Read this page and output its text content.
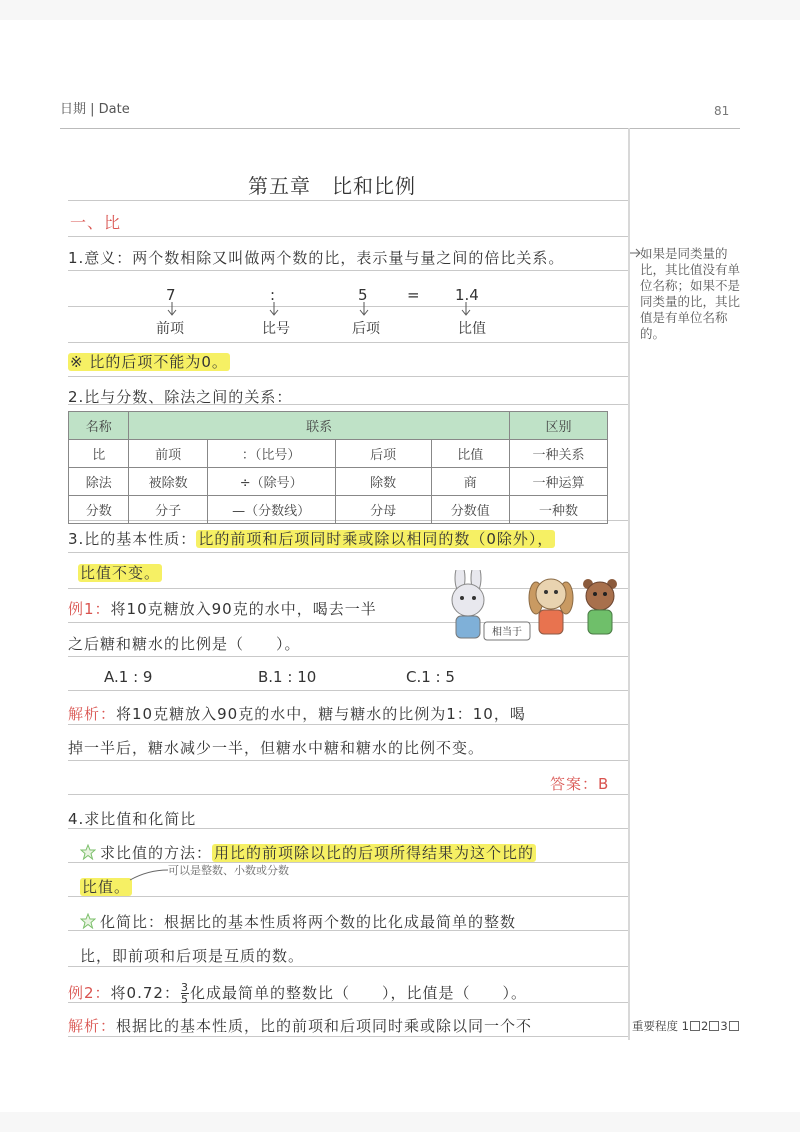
日期 | Date	81
第五章　比和比例
一、比
1.意义：两个数相除又叫做两个数的比，表示量与量之间的倍比关系。
7	:	5	= 1.4
前项	比号	后项	比值
※ 比的后项不能为0。
2.比与分数、除法之间的关系：
名称	联系				区别
比	前项	：（比号）	后项	比值	一种关系
除法	被除数	÷（除号）	除数	商	一种运算
分数	分子	—（分数线）	分母	分数值	一种数
3.比的基本性质： 比的前项和后项同时乘或除以相同的数（0除外），
比值不变。
例1：将10克糖放入90克的水中，喝去一半
之后糖和糖水的比例是（　　）。
相当于
A.1 : 9	B.1 : 10	C.1 : 5
解析：将10克糖放入90克的水中，糖与糖水的比例为1：10，喝
掉一半后，糖水减少一半，但糖水中糖和糖水的比例不变。
答案：B
4.求比值和化简比
求比值的方法： 用比的前项除以比的后项所得结果为这个比的
比值。
可以是整数、小数或分数
化简比：根据比的基本性质将两个数的比化成最简单的整数
比，即前项和后项是互质的数。
例2：将0.72： $\frac{3}{5}$ 化成最简单的整数比（　　），比值是（　　）。
解析：根据比的基本性质，比的前项和后项同时乘或除以同一个不
如果是同类量的比，其比值没有单位名称；如果不是同类量的比，其比值是有单位名称的。
重要程度 1 2 3
